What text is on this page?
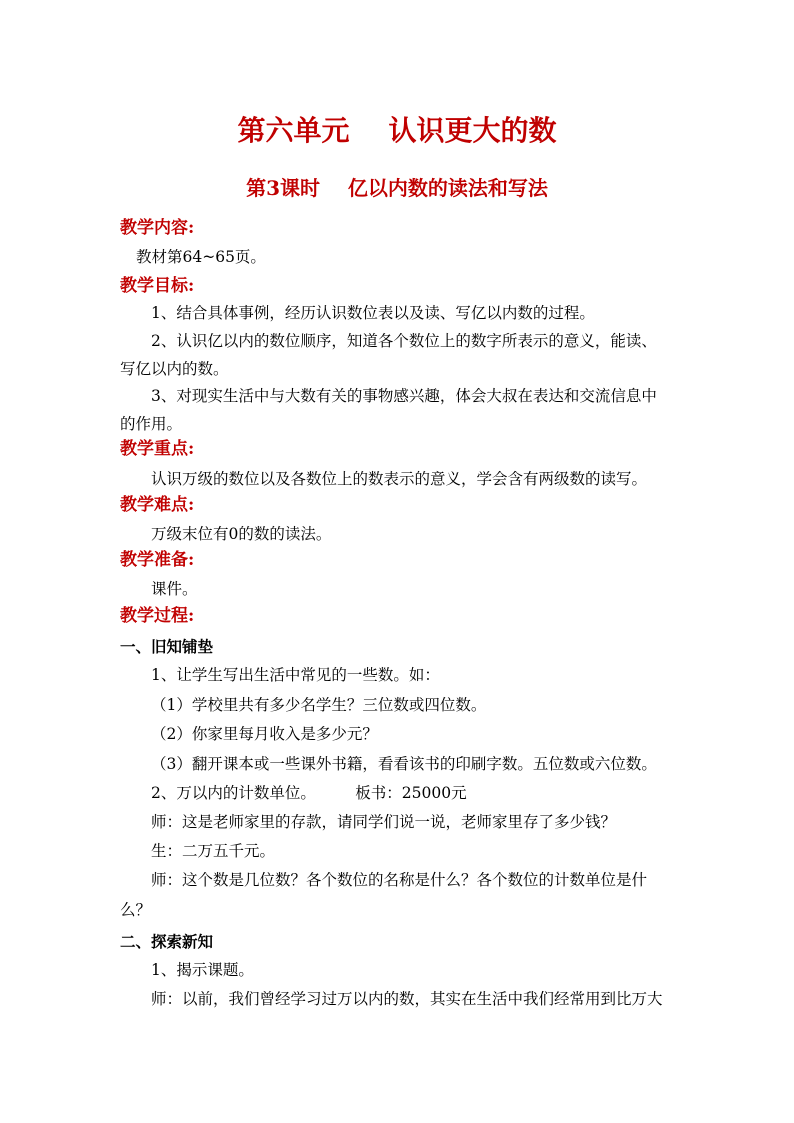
第六单元    认识更大的数
第3课时    亿以内数的读法和写法
教学内容:
教材第64~65页。
教学目标:
1、结合具体事例，经历认识数位表以及读、写亿以内数的过程。
2、认识亿以内的数位顺序，知道各个数位上的数字所表示的意义，能读、
写亿以内的数。
3、对现实生活中与大数有关的事物感兴趣，体会大叔在表达和交流信息中
的作用。
教学重点:
认识万级的数位以及各数位上的数表示的意义，学会含有两级数的读写。
教学难点:
万级末位有0的数的读法。
教学准备:
课件。
教学过程:
一、旧知铺垫
1、让学生写出生活中常见的一些数。如：
（1）学校里共有多少名学生？三位数或四位数。
（2）你家里每月收入是多少元？
（3）翻开课本或一些课外书籍，看看该书的印刷字数。五位数或六位数。
2、万以内的计数单位。        板书：25000元
师：这是老师家里的存款，请同学们说一说，老师家里存了多少钱？
生：二万五千元。
师：这个数是几位数？各个数位的名称是什么？各个数位的计数单位是什
么？
二、探索新知
1、揭示课题。
师：以前，我们曾经学习过万以内的数，其实在生活中我们经常用到比万大
